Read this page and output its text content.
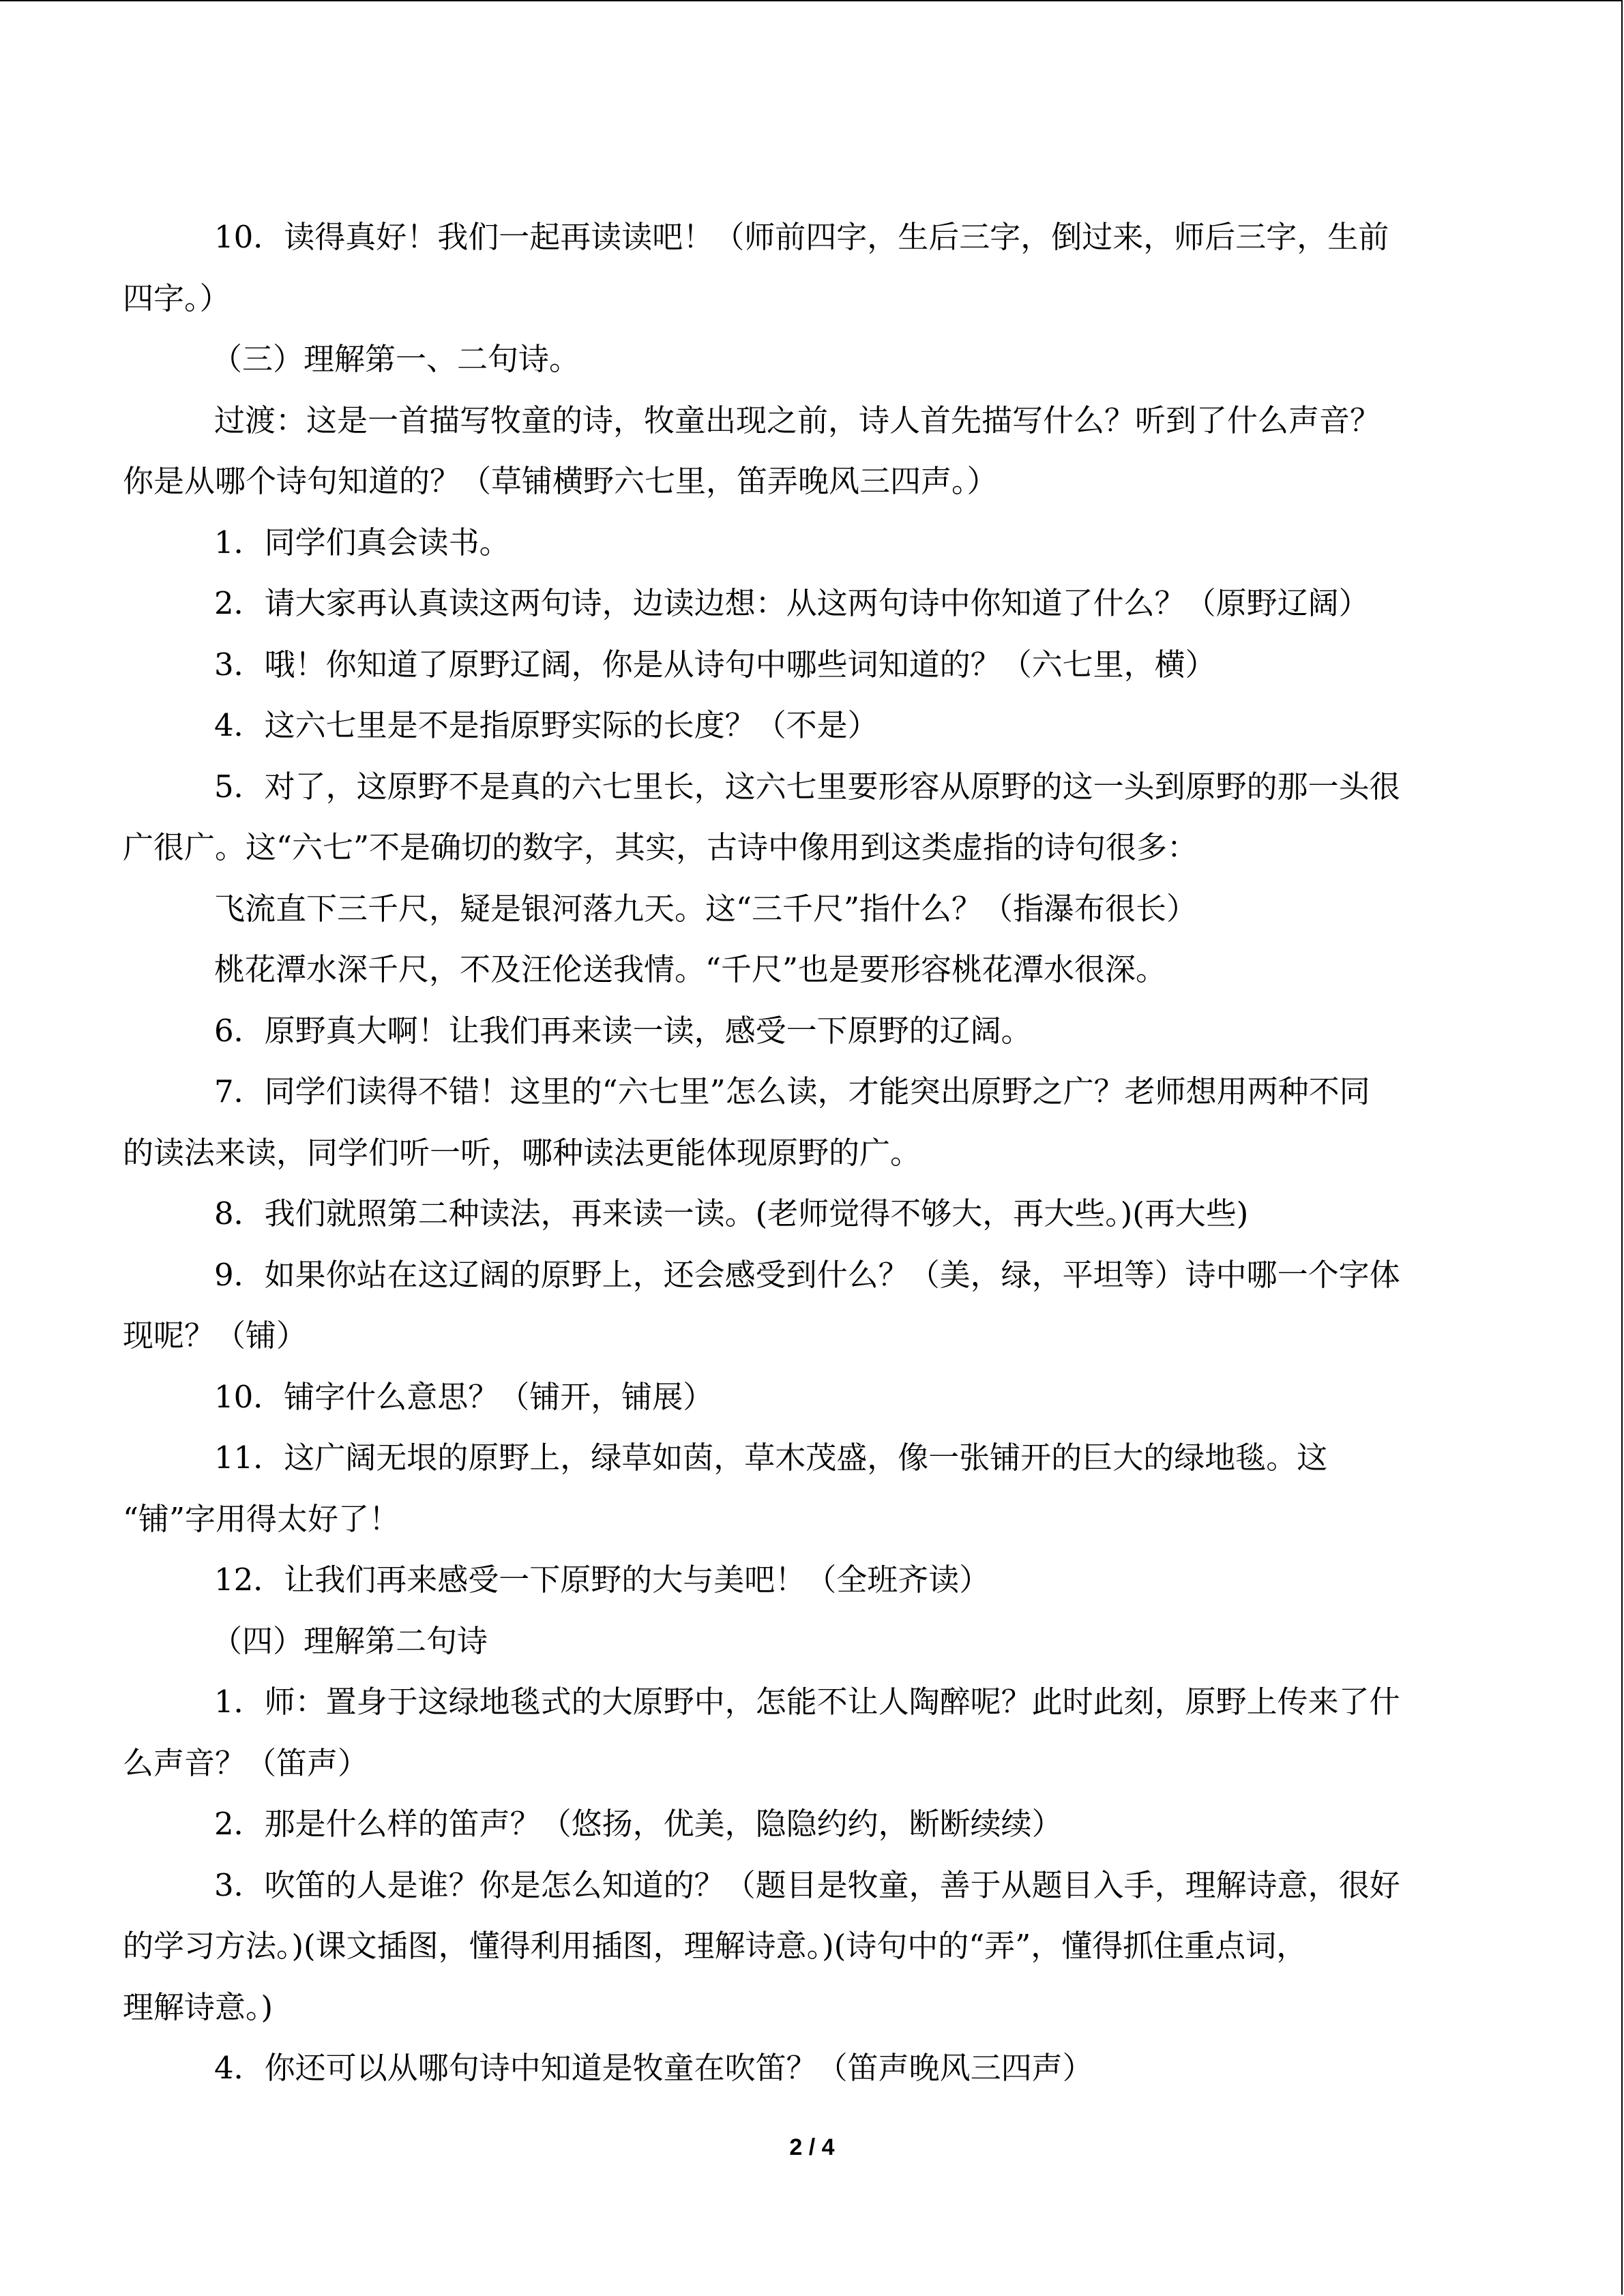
10．读得真好！我们一起再读读吧！（师前四字，生后三字，倒过来，师后三字，生前
四字。）
（三）理解第一、二句诗。
过渡：这是一首描写牧童的诗，牧童出现之前，诗人首先描写什么？听到了什么声音？
你是从哪个诗句知道的？（草铺横野六七里，笛弄晚风三四声。）
1．同学们真会读书。
2．请大家再认真读这两句诗，边读边想：从这两句诗中你知道了什么？（原野辽阔）
3．哦！你知道了原野辽阔，你是从诗句中哪些词知道的？（六七里，横）
4．这六七里是不是指原野实际的长度？（不是）
5．对了，这原野不是真的六七里长，这六七里要形容从原野的这一头到原野的那一头很
广很广。这“六七”不是确切的数字，其实，古诗中像用到这类虚指的诗句很多：
飞流直下三千尺，疑是银河落九天。这“三千尺”指什么？（指瀑布很长）
桃花潭水深千尺，不及汪伦送我情。“千尺”也是要形容桃花潭水很深。
6．原野真大啊！让我们再来读一读，感受一下原野的辽阔。
7．同学们读得不错！这里的“六七里”怎么读，才能突出原野之广？老师想用两种不同
的读法来读，同学们听一听，哪种读法更能体现原野的广。
8．我们就照第二种读法，再来读一读。(老师觉得不够大，再大些。)(再大些)
9．如果你站在这辽阔的原野上，还会感受到什么？（美，绿，平坦等）诗中哪一个字体
现呢？（铺）
10．铺字什么意思？（铺开，铺展）
11．这广阔无垠的原野上，绿草如茵，草木茂盛，像一张铺开的巨大的绿地毯。这
“铺”字用得太好了！
12．让我们再来感受一下原野的大与美吧！（全班齐读）
（四）理解第二句诗
1．师：置身于这绿地毯式的大原野中，怎能不让人陶醉呢？此时此刻，原野上传来了什
么声音？（笛声）
2．那是什么样的笛声？（悠扬，优美，隐隐约约，断断续续）
3．吹笛的人是谁？你是怎么知道的？（题目是牧童，善于从题目入手，理解诗意，很好
的学习方法。)(课文插图，懂得利用插图，理解诗意。)(诗句中的“弄”，懂得抓住重点词，
理解诗意。)
4．你还可以从哪句诗中知道是牧童在吹笛？（笛声晚风三四声）
2 / 4
